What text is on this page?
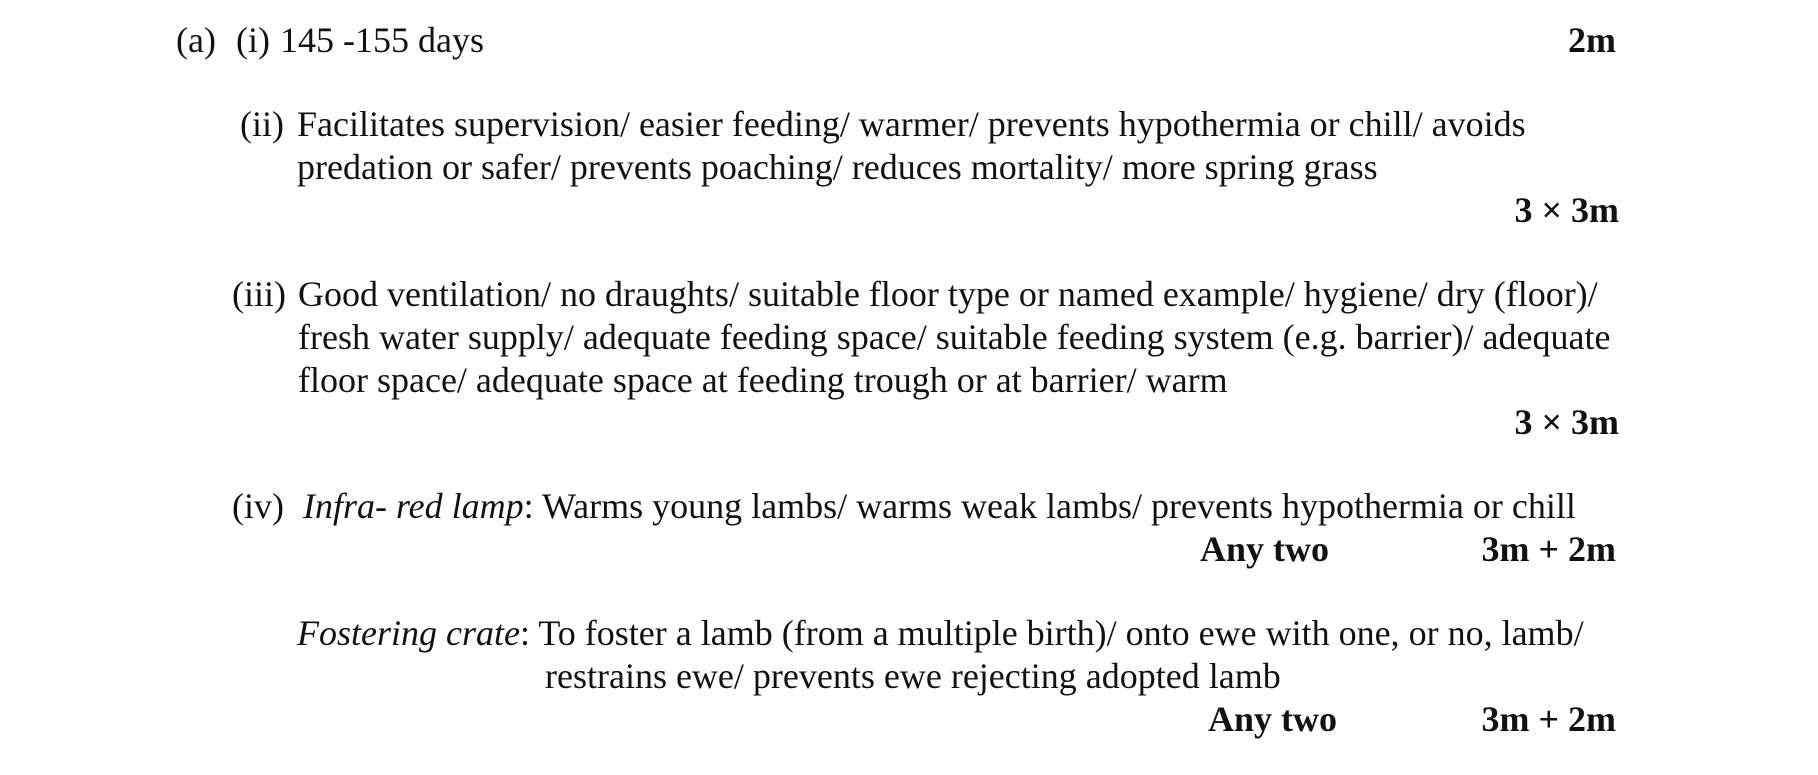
(a) (i) 145 -155 days	2m
(ii) Facilitates supervision/ easier feeding/ warmer/ prevents hypothermia or chill/ avoids
predation or safer/ prevents poaching/ reduces mortality/ more spring grass
3 × 3m
(iii) Good ventilation/ no draughts/ suitable floor type or named example/ hygiene/ dry (floor)/
fresh water supply/ adequate feeding space/ suitable feeding system (e.g. barrier)/ adequate
floor space/ adequate space at feeding trough or at barrier/ warm
3 × 3m
(iv) Infra- red lamp: Warms young lambs/ warms weak lambs/ prevents hypothermia or chill
Any two	3m + 2m
Fostering crate: To foster a lamb (from a multiple birth)/ onto ewe with one, or no, lamb/
restrains ewe/ prevents ewe rejecting adopted lamb
Any two	3m + 2m
